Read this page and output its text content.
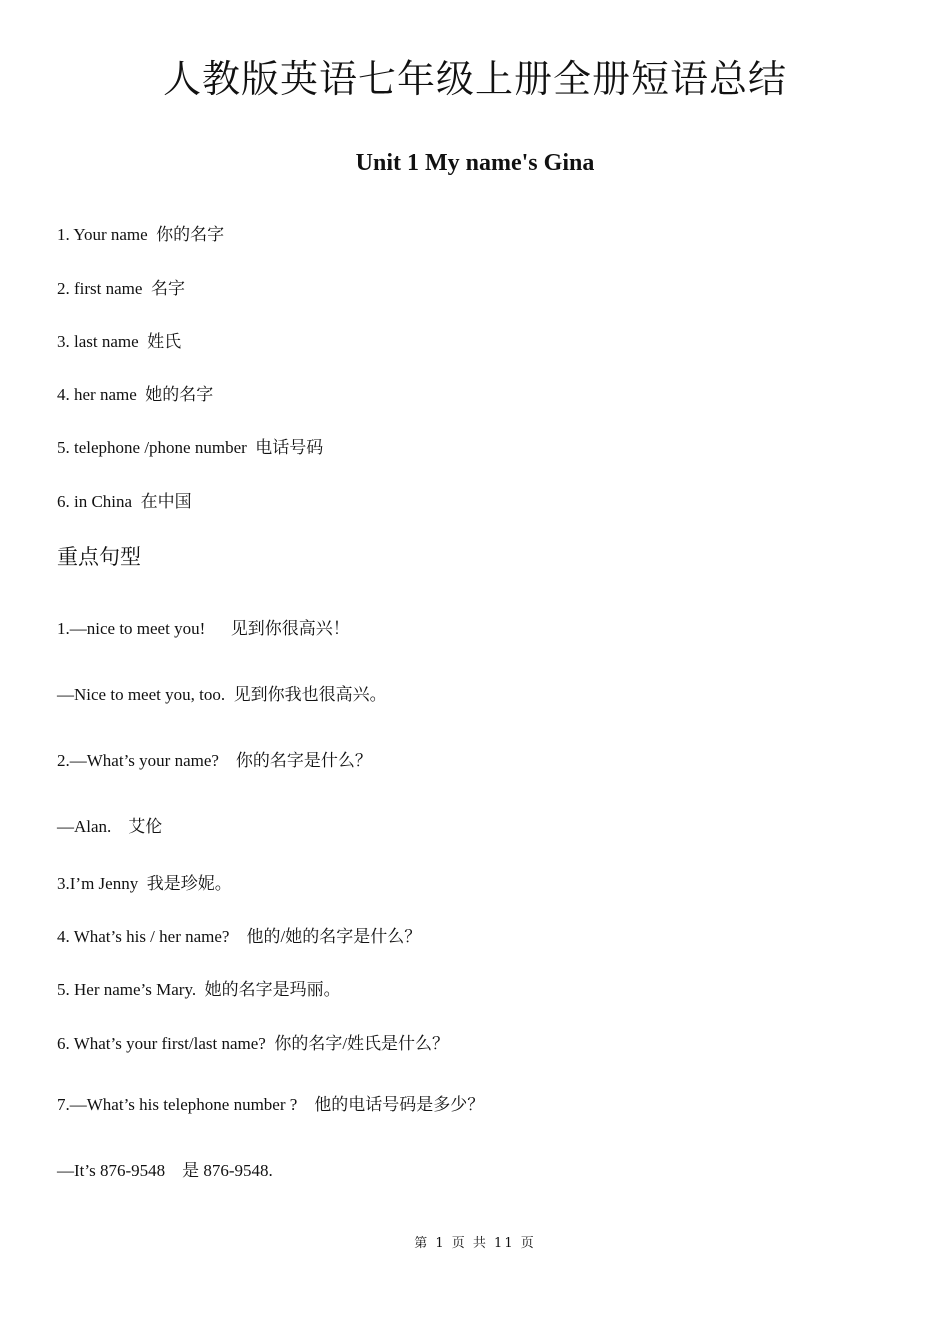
人教版英语七年级上册全册短语总结
Unit 1 My name's Gina
1. Your name  你的名字
2. first name  名字
3. last name  姓氏
4. her name  她的名字
5. telephone /phone number  电话号码
6. in China  在中国
重点句型
1.—nice to meet you!      见到你很高兴！
—Nice to meet you, too.  见到你我也很高兴。
2.—What’s your name?    你的名字是什么？
—Alan.    艾伦
3.I’m Jenny  我是珍妮。
4. What’s his / her name?    他的/她的名字是什么？
5. Her name’s Mary.  她的名字是玛丽。
6. What’s your first/last name?  你的名字/姓氏是什么？
7.—What’s his telephone number ?    他的电话号码是多少？
—It’s 876-9548    是 876-9548.
第 1 页 共 11 页
